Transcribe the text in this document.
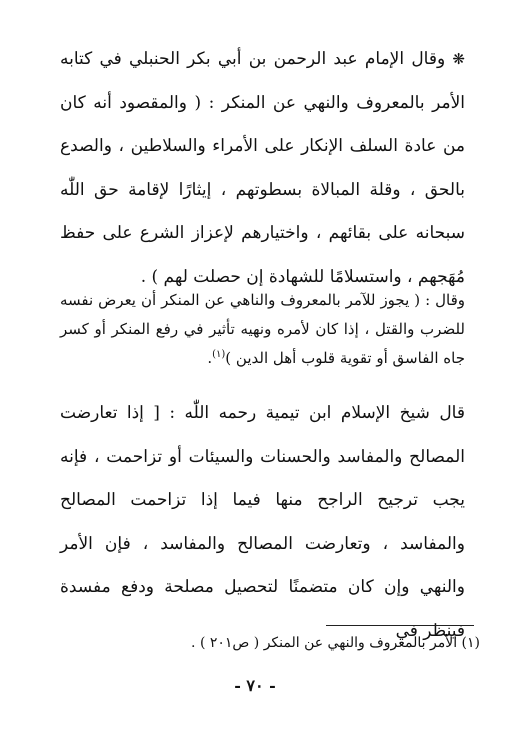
❋ وقال الإمام عبد الرحمن بن أبي بكر الحنبلي في كتابه الأمر بالمعروف والنهي عن المنكر : ( والمقصود أنه كان من عادة السلف الإنكار على الأمراء والسلاطين ، والصدع بالحق ، وقلة المبالاة بسطوتهم ، إيثارًا لإقامة حق اللّٰه سبحانه على بقائهم ، واختيارهم لإعزاز الشرع على حفظ مُهَجهم ، واستسلامًا للشهادة إن حصلت لهم ) .

وقال : ( يجوز للآمر بالمعروف والناهي عن المنكر أن يعرض نفسه للضرب والقتل ، إذا كان لأمره ونهيه تأثير في رفع المنكر أو كسر جاه الفاسق أو تقوية قلوب أهل الدين )$^{(١)}$.

قال شيخ الإسلام ابن تيمية رحمه اللّٰه : [ إذا تعارضت المصالح والمفاسد والحسنات والسيئات أو تزاحمت ، فإنه يجب ترجيح الراجح منها فيما إذا تزاحمت المصالح والمفاسد ، وتعارضت المصالح والمفاسد ، فإن الأمر والنهي وإن كان متضمنًا لتحصيل مصلحة ودفع مفسدة فينظر في

(١) الأمر بالمعروف والنهي عن المنكر ( ص٢٠١ ) .
- ٧٠ -
